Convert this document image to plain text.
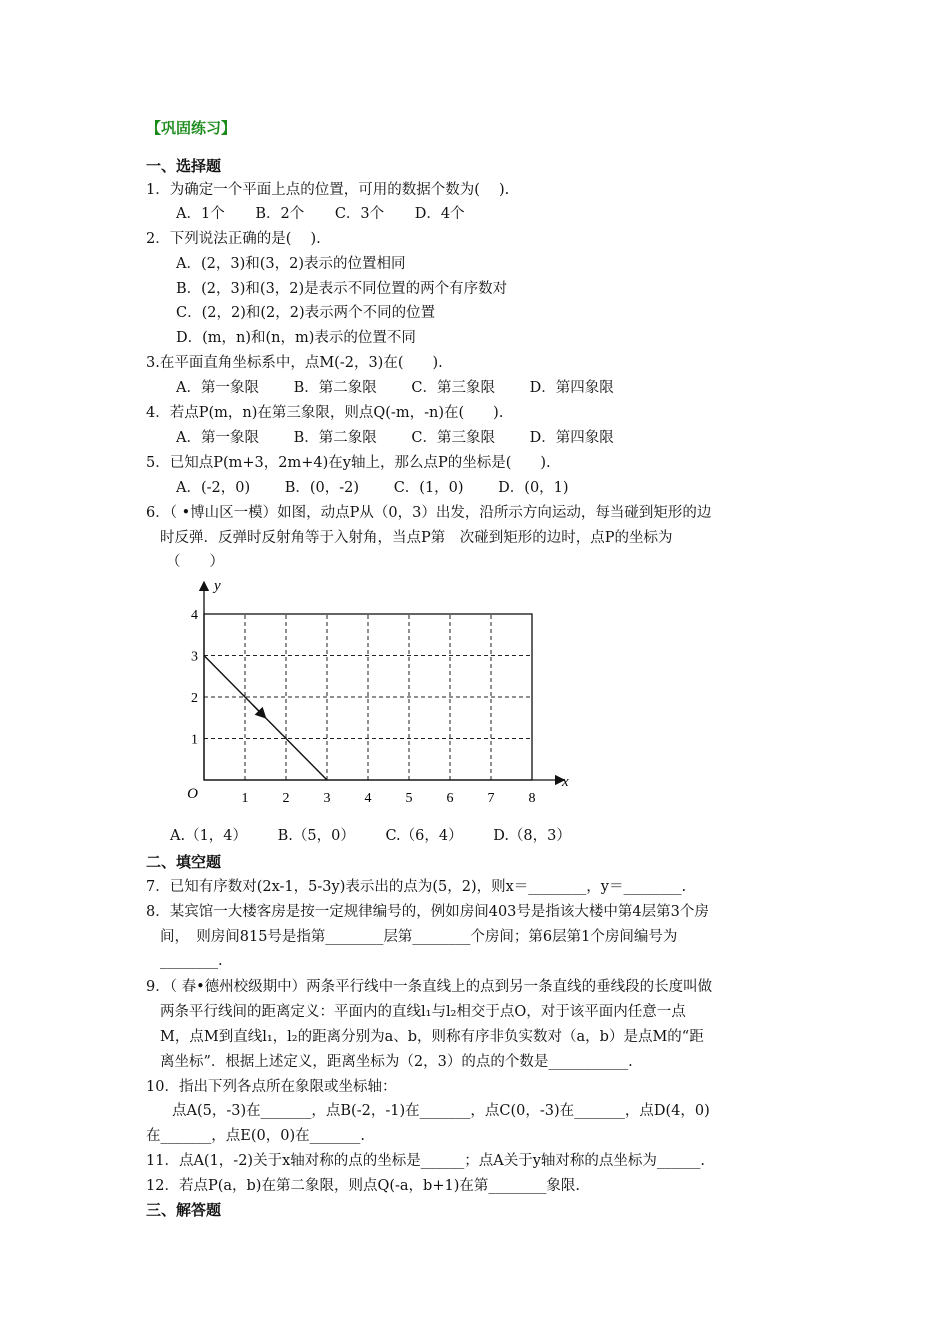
【巩固练习】
一、选择题
1．为确定一个平面上点的位置，可用的数据个数为(　 ).
A．1个 B．2个 C．3个 D．4个
2．下列说法正确的是(　 ).
A．(2，3)和(3，2)表示的位置相同
B．(2，3)和(3，2)是表示不同位置的两个有序数对
C．(2，2)和(2，2)表示两个不同的位置
D．(m，n)和(n，m)表示的位置不同
3.在平面直角坐标系中，点M(-2，3)在(　　).
A．第一象限 B．第二象限 C．第三象限 D．第四象限
4．若点P(m，n)在第三象限，则点Q(-m，-n)在(　　).
A．第一象限 B．第二象限 C．第三象限 D．第四象限
5．已知点P(m+3，2m+4)在y轴上，那么点P的坐标是(　　).
A．(-2，0) B．(0，-2) C．(1，0) D．(0，1)
6．（ •博山区一模）如图，动点P从（0，3）出发，沿所示方向运动，每当碰到矩形的边
时反弹．反弹时反射角等于入射角，当点P第　次碰到矩形的边时，点P的坐标为
（　　）
1 2 3 4 5 6 7 8
1
2
3
4
O
x
y
A.（1，4） B.（5，0） C.（6，4） D.（8，3）
二、填空题
7．已知有序数对(2x-1，5-3y)表示出的点为(5，2)，则x＝________，y＝________.
8．某宾馆一大楼客房是按一定规律编号的，例如房间403号是指该大楼中第4层第3个房
间，　则房间815号是指第________层第________个房间；第6层第1个房间编号为
________.
9．（ 春•德州校级期中）两条平行线中一条直线上的点到另一条直线的垂线段的长度叫做
两条平行线间的距离定义：平面内的直线l₁与l₂相交于点O，对于该平面内任意一点
M，点M到直线l₁，l₂的距离分别为a、b，则称有序非负实数对（a，b）是点M的“距
离坐标”．根据上述定义，距离坐标为（2，3）的点的个数是___________.
10．指出下列各点所在象限或坐标轴：
点A(5，-3)在_______，点B(-2，-1)在_______，点C(0，-3)在_______，点D(4，0)
在_______，点E(0，0)在_______.
11．点A(1，-2)关于x轴对称的点的坐标是______；点A关于y轴对称的点坐标为______.
12．若点P(a，b)在第二象限，则点Q(-a，b+1)在第________象限.
三、解答题
